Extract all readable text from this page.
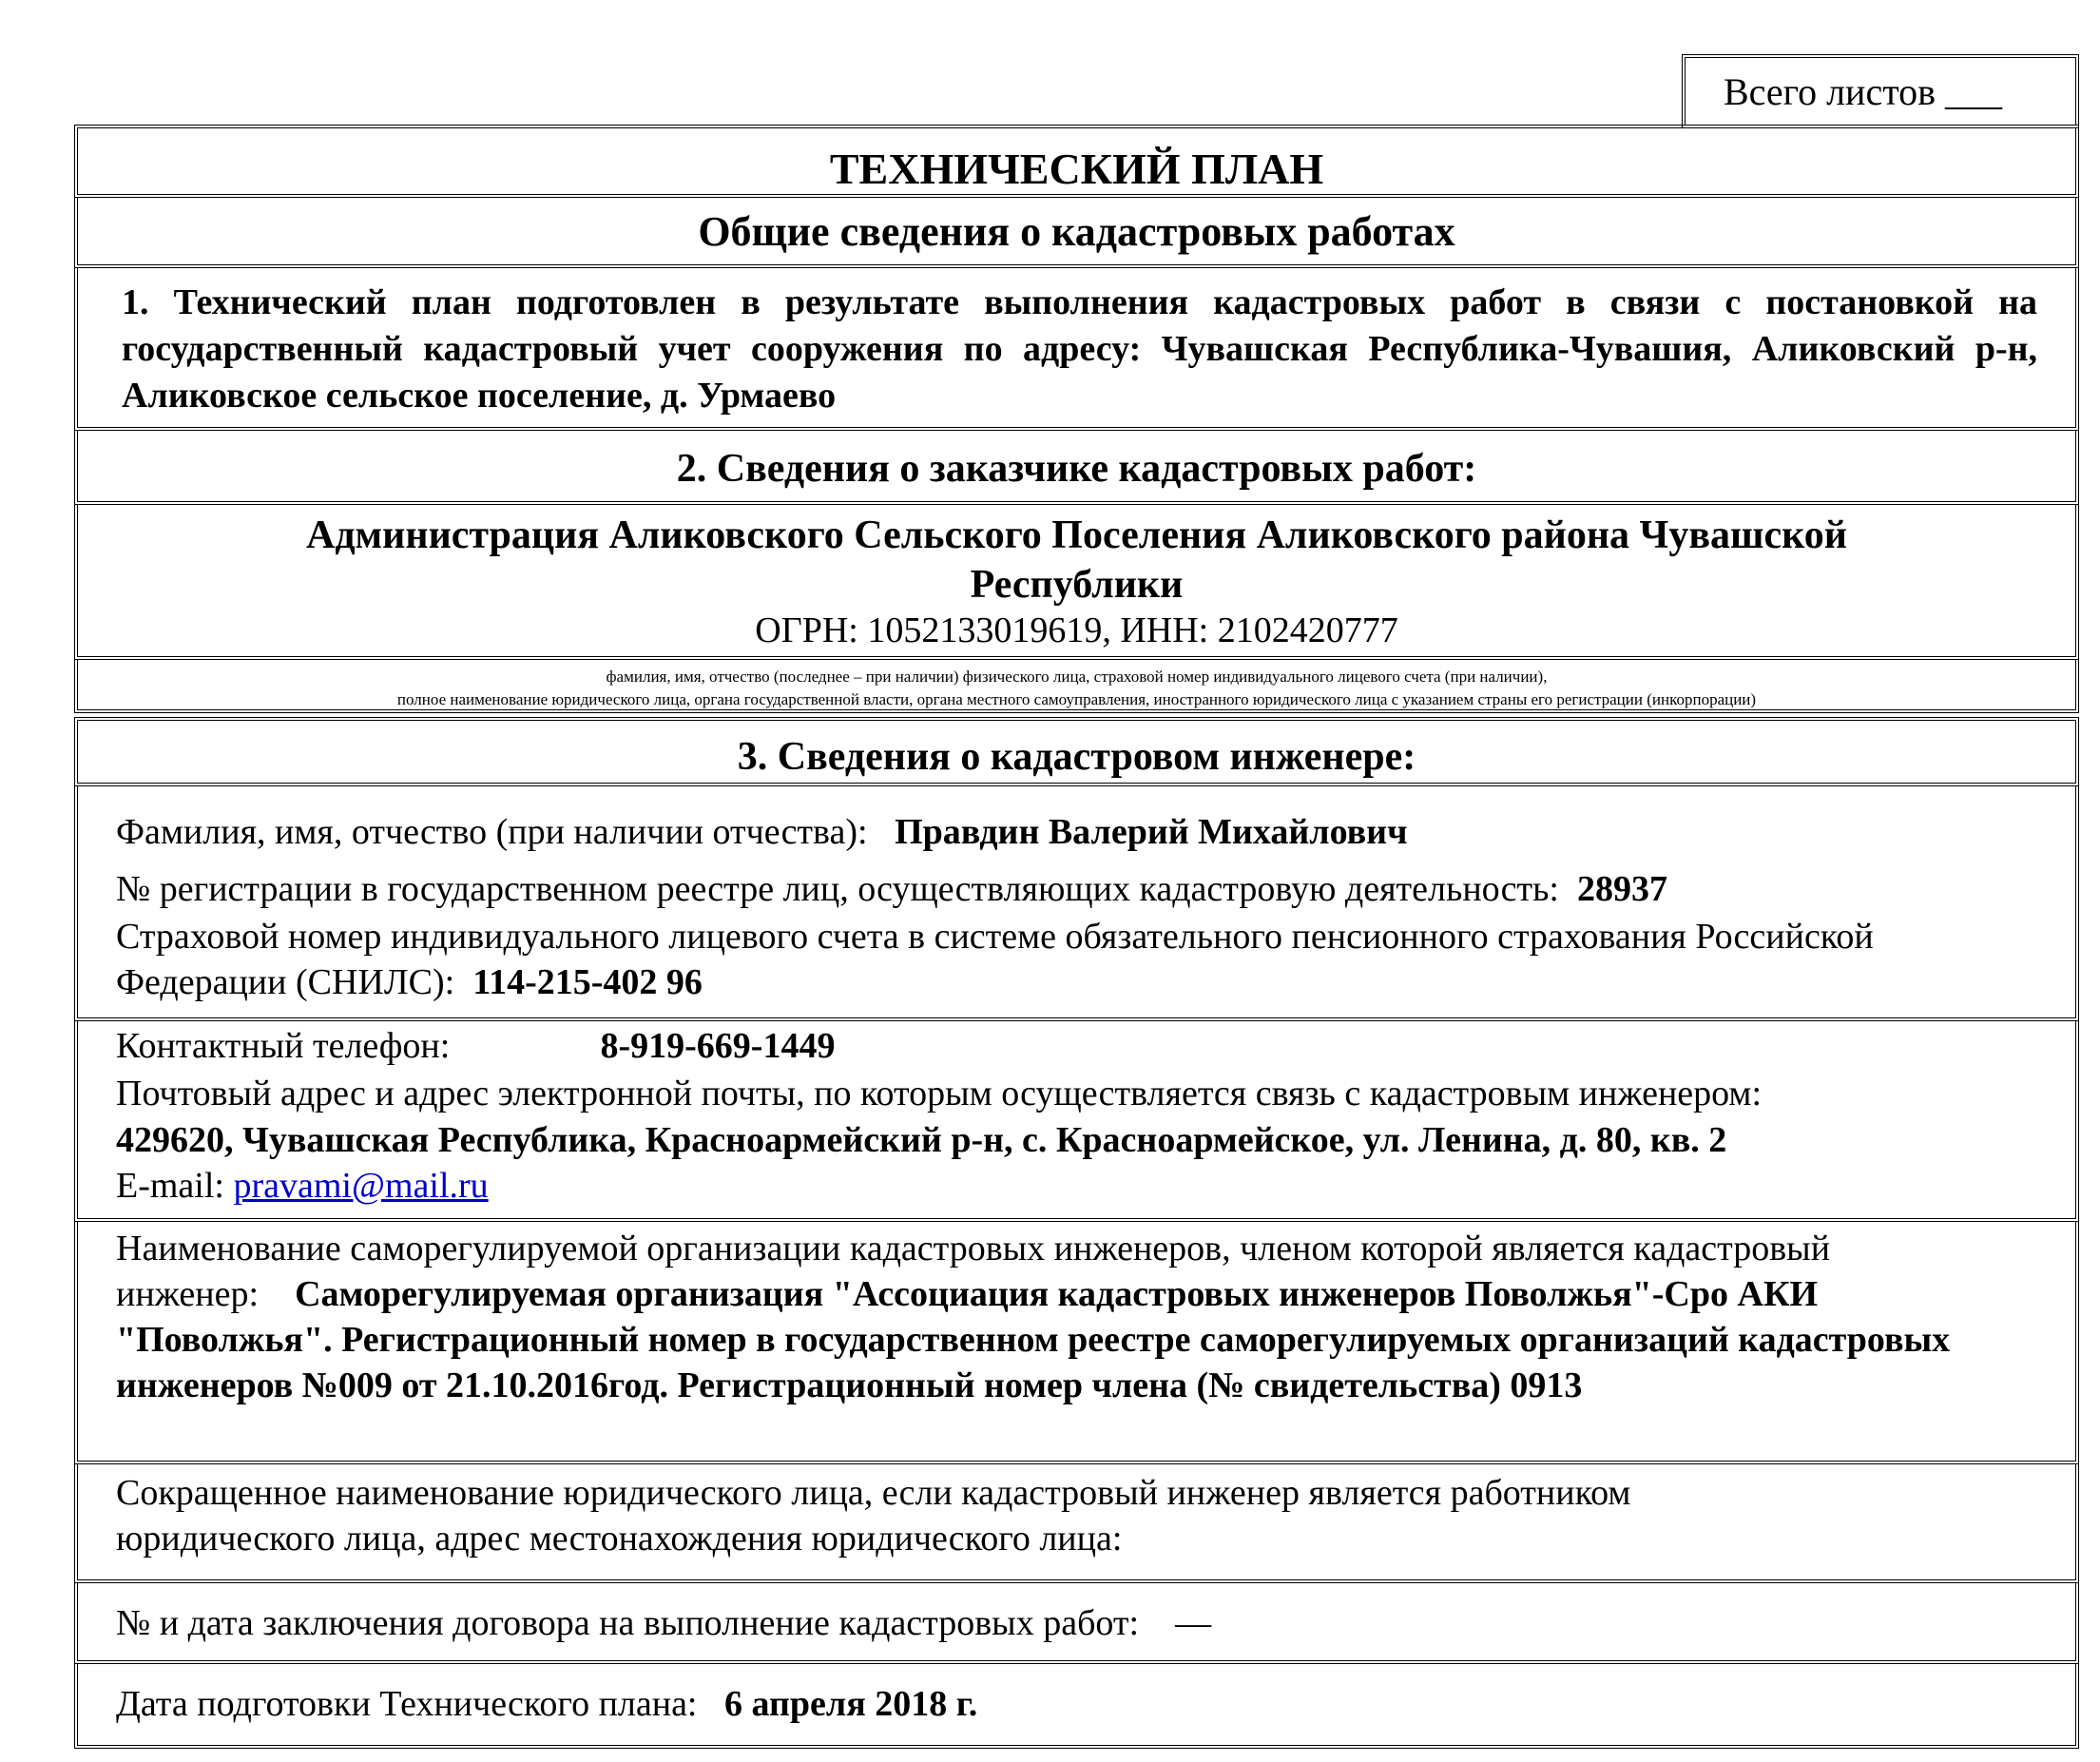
Всего листов ___
ТЕХНИЧЕСКИЙ ПЛАН
Общие сведения о кадастровых работах
1. Технический план подготовлен в результате выполнения кадастровых работ в связи с постановкой на государственный кадастровый учет сооружения по адресу: Чувашская Республика-Чувашия, Аликовский р-н, Аликовское сельское поселение, д. Урмаево
2. Сведения о заказчике кадастровых работ:
Администрация Аликовского Сельского Поселения Аликовского района Чувашской Республики
ОГРН: 1052133019619, ИНН: 2102420777
фамилия, имя, отчество (последнее – при наличии) физического лица, страховой номер индивидуального лицевого счета (при наличии),
полное наименование юридического лица, органа государственной власти, органа местного самоуправления, иностранного юридического лица с указанием страны его регистрации (инкорпорации)
3. Сведения о кадастровом инженере:
Фамилия, имя, отчество (при наличии отчества): Правдин Валерий Михайлович
№ регистрации в государственном реестре лиц, осуществляющих кадастровую деятельность: 28937
Страховой номер индивидуального лицевого счета в системе обязательного пенсионного страхования Российской Федерации (СНИЛС): 114-215-402 96
Контактный телефон:	8-919-669-1449
Почтовый адрес и адрес электронной почты, по которым осуществляется связь с кадастровым инженером:
429620, Чувашская Республика, Красноармейский р-н, с. Красноармейское, ул. Ленина, д. 80, кв. 2
E-mail: pravami@mail.ru
Наименование саморегулируемой организации кадастровых инженеров, членом которой является кадастровый инженер: Саморегулируемая организация "Ассоциация кадастровых инженеров Поволжья"-Сро АКИ "Поволжья". Регистрационный номер в государственном реестре саморегулируемых организаций кадастровых инженеров №009 от 21.10.2016год. Регистрационный номер члена (№ свидетельства) 0913
Сокращенное наименование юридического лица, если кадастровый инженер является работником юридического лица, адрес местонахождения юридического лица:
№ и дата заключения договора на выполнение кадастровых работ: —
Дата подготовки Технического плана: 6 апреля 2018 г.
